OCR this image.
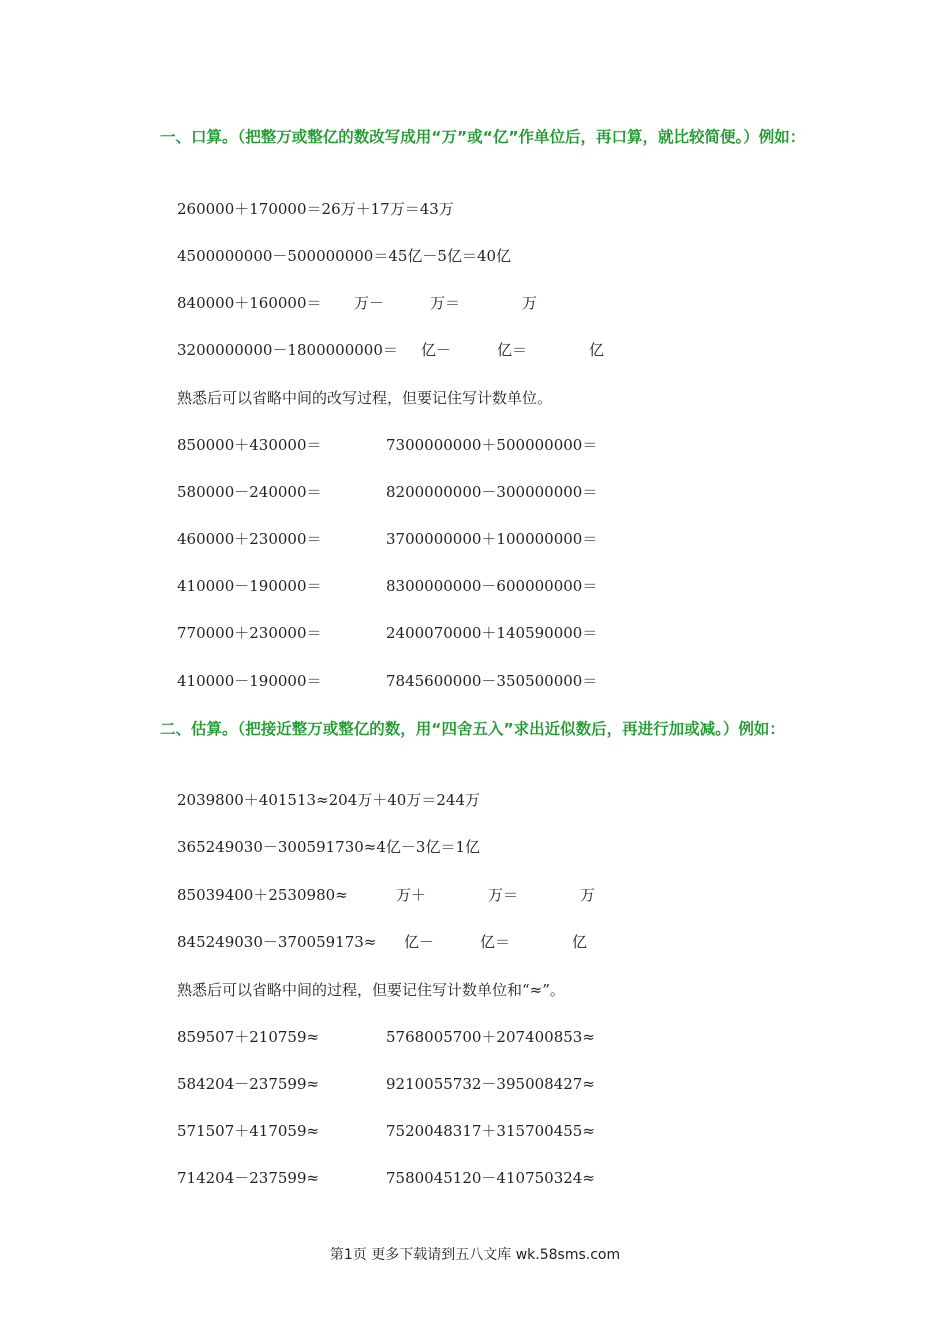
一、口算。（把整万或整亿的数改写成用“万”或“亿”作单位后，再口算，就比较简便。）例如：
260000＋170000＝26万＋17万＝43万
4500000000－500000000＝45亿－5亿＝40亿
840000＋160000＝ 万－	万＝	万
3200000000－1800000000＝ 亿－	亿＝	亿
熟悉后可以省略中间的改写过程，但要记住写计数单位。
850000＋430000＝	7300000000＋500000000＝
580000－240000＝	8200000000－300000000＝
460000＋230000＝	3700000000＋100000000＝
410000－190000＝	8300000000－600000000＝
770000＋230000＝	2400070000＋140590000＝
410000－190000＝	7845600000－350500000＝
二、估算。（把接近整万或整亿的数，用“四舍五入”求出近似数后，再进行加或减。）例如：
2039800＋401513≈204万＋40万＝244万
365249030－300591730≈4亿－3亿＝1亿
85039400＋2530980≈	万＋	万＝	万
845249030－370059173≈ 亿－	亿＝	亿
熟悉后可以省略中间的过程，但要记住写计数单位和“≈”。
859507＋210759≈	5768005700＋207400853≈
584204－237599≈	9210055732－395008427≈
571507＋417059≈	7520048317＋315700455≈
714204－237599≈	7580045120－410750324≈
第1页 更多下载请到五八文库 wk.58sms.com
